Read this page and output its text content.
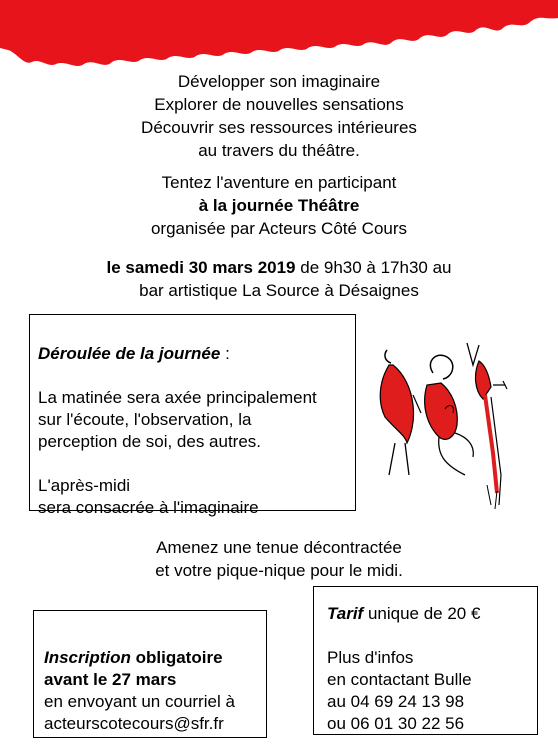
Développer son imaginaire
Explorer de nouvelles sensations
Découvrir ses ressources intérieures
au travers du théâtre.
Tentez l'aventure en participant
à la journée Théâtre
organisée par Acteurs Côté Cours
le samedi 30 mars 2019 de 9h30 à 17h30 au
bar artistique La Source à Désaignes
Déroulée de la journée :
La matinée sera axée principalement
sur l'écoute, l'observation, la
perception de soi, des autres.
L'après-midi
sera consacrée à l'imaginaire
Amenez une tenue décontractée
et votre pique-nique pour le midi.
Tarif unique de 20 €
Plus d'infos
en contactant Bulle
au 04 69 24 13 98
ou 06 01 30 22 56
Inscription obligatoire
avant le 27 mars
en envoyant un courriel à
acteurscotecours@sfr.fr
